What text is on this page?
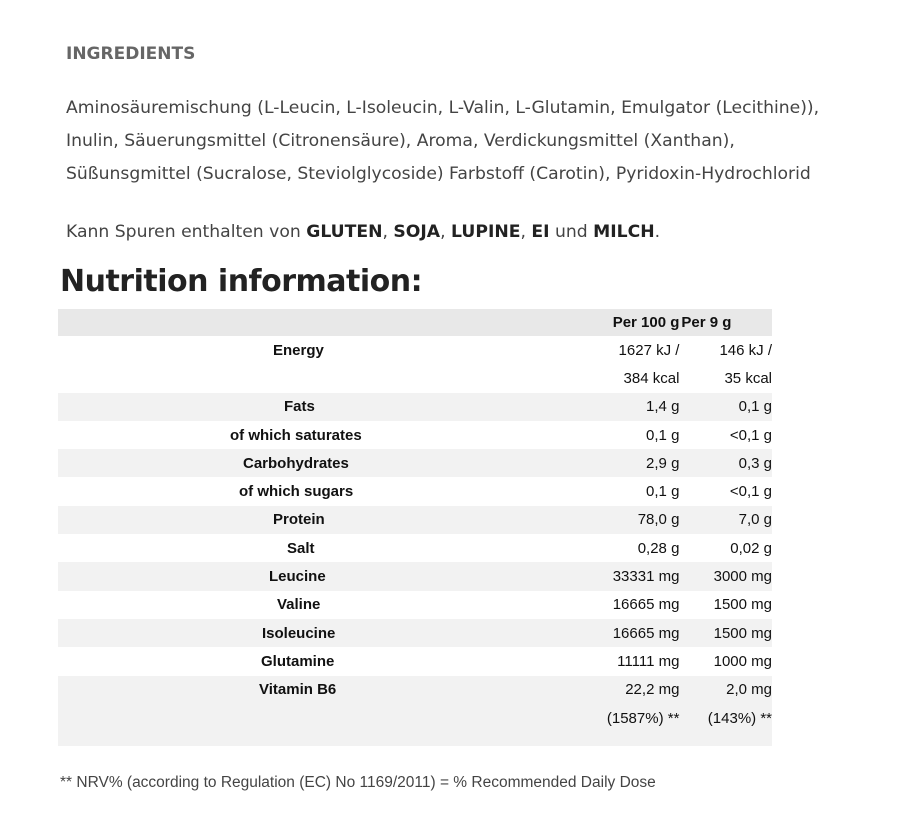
INGREDIENTS

Aminosäuremischung (L-Leucin, L-Isoleucin, L-Valin, L-Glutamin, Emulgator (Lecithine)),

Inulin, Säuerungsmittel (Citronensäure), Aroma, Verdickungsmittel (Xanthan),

Süßunsgmittel (Sucralose, Steviolglycoside) Farbstoff (Carotin), Pyridoxin-Hydrochlorid

Kann Spuren enthalten von GLUTEN, SOJA, LUPINE, EI und MILCH.
Nutrition information:
	Per 100 g	Per 9 g
Energy	1627 kJ /	146 kJ /
	384 kcal	35 kcal
Fats	1,4 g	0,1 g
of which saturates	0,1 g	<0,1 g
Carbohydrates	2,9 g	0,3 g
of which sugars	0,1 g	<0,1 g
Protein	78,0 g	7,0 g
Salt	0,28 g	0,02 g
Leucine	33331 mg	3000 mg
Valine	16665 mg	1500 mg
Isoleucine	16665 mg	1500 mg
Glutamine	11111 mg	1000 mg
Vitamin B6	22,2 mg	2,0 mg
	(1587%) **	(143%) **

** NRV% (according to Regulation (EC) No 1169/2011) = % Recommended Daily Dose
